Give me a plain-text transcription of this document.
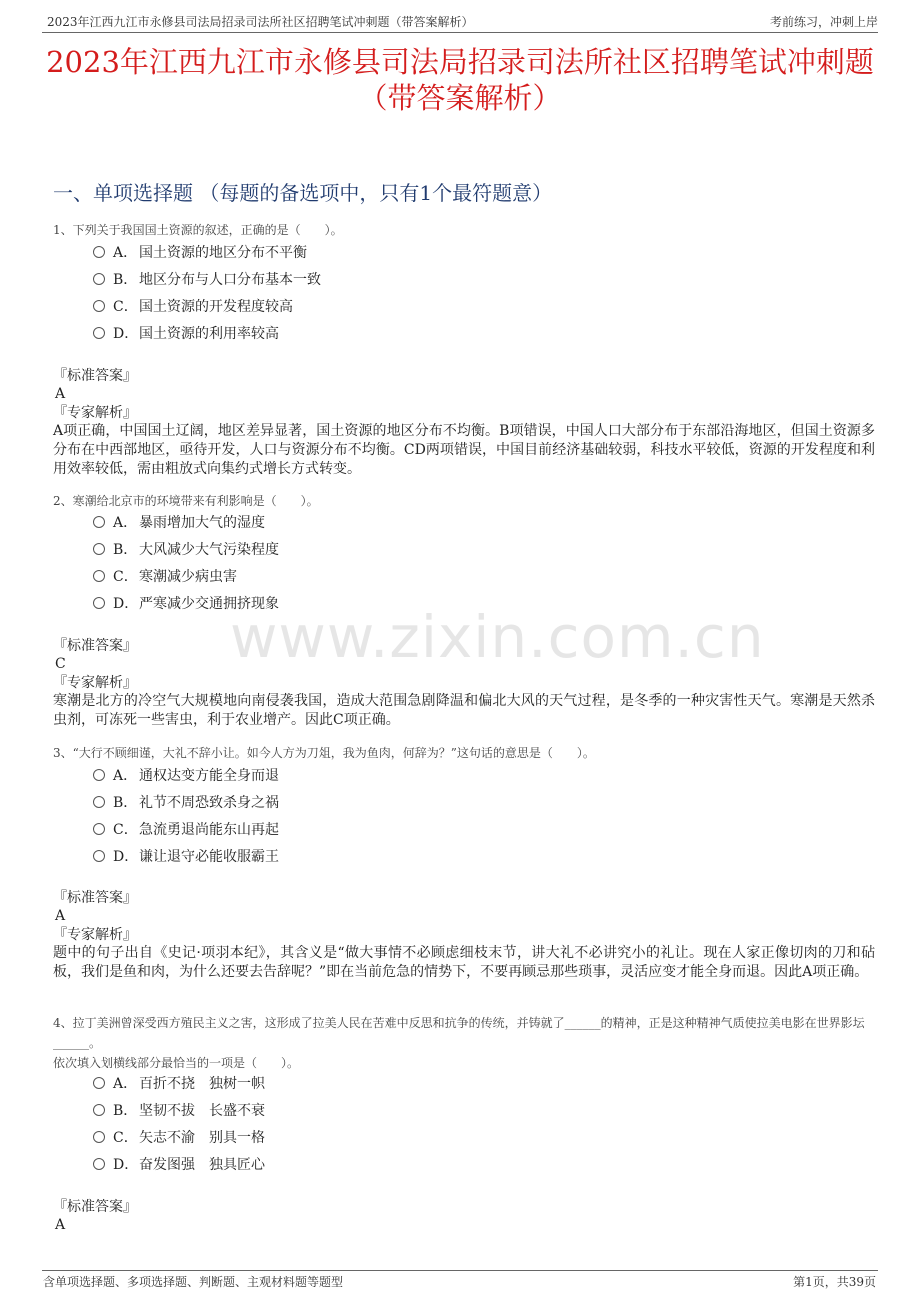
2023年江西九江市永修县司法局招录司法所社区招聘笔试冲刺题（带答案解析）	考前练习，冲刺上岸
2023年江西九江市永修县司法局招录司法所社区招聘笔试冲刺题（带答案解析）
一、单项选择题 （每题的备选项中，只有1个最符题意）
www.zixin.com.cn
1、下列关于我国国土资源的叙述，正确的是（　　）。
A． 国土资源的地区分布不平衡
B． 地区分布与人口分布基本一致
C．国土资源的开发程度较高
D．国土资源的利用率较高
『标准答案』
A
『专家解析』
A项正确，中国国土辽阔，地区差异显著，国土资源的地区分布不均衡。B项错误，中国人口大部分布于东部沿海地区，但国土资源多分布在中西部地区，亟待开发，人口与资源分布不均衡。CD两项错误，中国目前经济基础较弱，科技水平较低，资源的开发程度和利用效率较低，需由粗放式向集约式增长方式转变。
2、寒潮给北京市的环境带来有利影响是（　　）。
A． 暴雨增加大气的湿度
B． 大风减少大气污染程度
C．寒潮减少病虫害
D．严寒减少交通拥挤现象
『标准答案』
C
『专家解析』
寒潮是北方的冷空气大规模地向南侵袭我国，造成大范围急剧降温和偏北大风的天气过程，是冬季的一种灾害性天气。寒潮是天然杀虫剂，可冻死一些害虫，利于农业增产。因此C项正确。
3、“大行不顾细谨，大礼不辞小让。如今人方为刀俎，我为鱼肉，何辞为？”这句话的意思是（　　）。
A． 通权达变方能全身而退
B． 礼节不周恐致杀身之祸
C．急流勇退尚能东山再起
D．谦让退守必能收服霸王
『标准答案』
A
『专家解析』
题中的句子出自《史记·项羽本纪》，其含义是“做大事情不必顾虑细枝末节，讲大礼不必讲究小的礼让。现在人家正像切肉的刀和砧板，我们是鱼和肉，为什么还要去告辞呢？”即在当前危急的情势下，不要再顾忌那些琐事，灵活应变才能全身而退。因此A项正确。
4、拉丁美洲曾深受西方殖民主义之害，这形成了拉美人民在苦难中反思和抗争的传统，并铸就了______的精神，正是这种精神气质使拉美电影在世界影坛______。
依次填入划横线部分最恰当的一项是（　　）。
A． 百折不挠　独树一帜
B． 坚韧不拔　长盛不衰
C．矢志不渝　别具一格
D．奋发图强　独具匠心
『标准答案』
A
含单项选择题、多项选择题、判断题、主观材料题等题型	第1页，共39页
